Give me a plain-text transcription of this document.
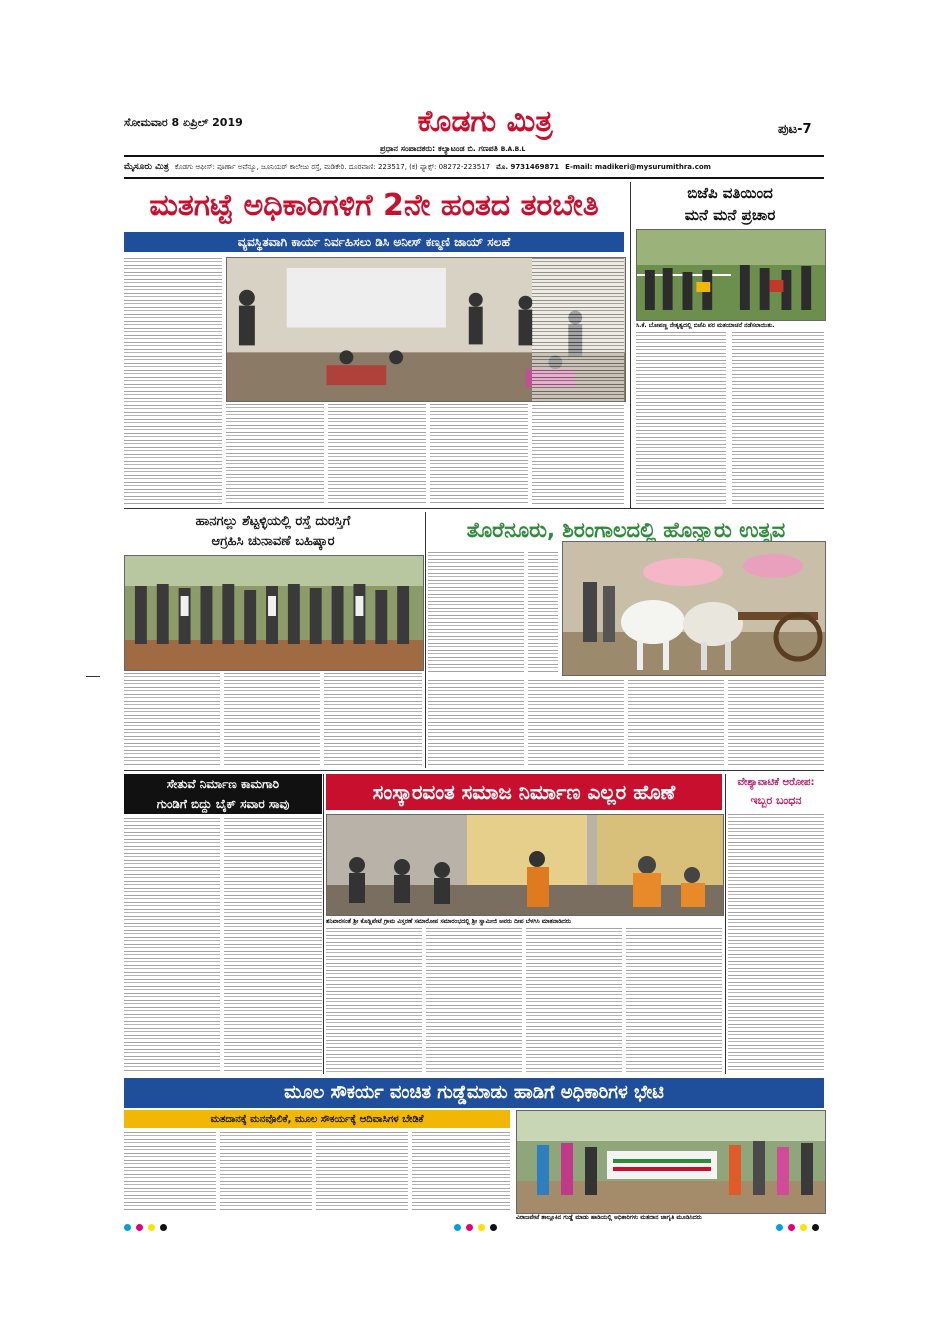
ಸೋಮವಾರ 8 ಏಪ್ರಿಲ್ 2019	ಕೊಡಗು ಮಿತ್ರ
ಪ್ರಧಾನ ಸಂಪಾದಕರು: ಕಲ್ಯಾಟಂಡ ಬಿ. ಗಣಪತಿ B.A.B.L
ಪುಟ-7
ಮೈಸೂರು ಮಿತ್ರ ಕೊಡಗು ಆಫೀಸ್: ಪೂರ್ಣಾ ಅವೆನ್ಯೂ, ಜೂನಿಯರ್ ಕಾಲೇಜು ರಸ್ತೆ, ಮಡಿಕೇರಿ. ದೂರವಾಣಿ: 223517, (ಕ) ಫ್ಯಾಕ್ಸ್: 08272-223517 ಮೊ. 9731469871 E-mail: madikeri@mysurumithra.com
ಮತಗಟ್ಟೆ ಅಧಿಕಾರಿಗಳಿಗೆ 2ನೇ ಹಂತದ ತರಬೇತಿ
ವ್ಯವಸ್ಥಿತವಾಗಿ ಕಾರ್ಯ ನಿರ್ವಹಿಸಲು ಡಿಸಿ ಅನೀಸ್ ಕಣ್ಮಣಿ ಜಾಯ್ ಸಲಹೆ
ಬಿಜೆಪಿ ವತಿಯಿಂದ
ಮನೆ ಮನೆ ಪ್ರಚಾರ
ಸಿ.ಕೆ. ಬೋಪಣ್ಣ ನೇತೃತ್ವದಲ್ಲಿ ಬಿಜೆಪಿ ಪರ ಮತಯಾಚನೆ ನಡೆಸಲಾಯಿತು.
ಹಾನಗಲ್ಲು ಶೆಟ್ಟಳ್ಳಿಯಲ್ಲಿ ರಸ್ತೆ ದುರಸ್ತಿಗೆ
ಆಗ್ರಹಿಸಿ ಚುನಾವಣೆ ಬಹಿಷ್ಕಾರ	ತೊರೆನೂರು, ಶಿರಂಗಾಲದಲ್ಲಿ ಹೊನ್ನಾರು ಉತ್ಸವ
ಸೇತುವೆ ನಿರ್ಮಾಣ ಕಾಮಗಾರಿ
ಗುಂಡಿಗೆ ಬಿದ್ದು ಬೈಕ್ ಸವಾರ ಸಾವು	ಸಂಸ್ಕಾರವಂತ ಸಮಾಜ ನಿರ್ಮಾಣ ಎಲ್ಲರ ಹೊಣೆ
ಶನಿವಾರಸಂತೆ ಶ್ರೀ ಕೊಡ್ಲಿಪೇಟೆ ಗ್ರಾಮ ವಿಸ್ತರಣೆ ಸಮಾರೋಪ ಸಮಾರಂಭದಲ್ಲಿ ಶ್ರೀ ಸ್ವಾಮೀಜಿ ಅವರು ದೀಪ ಬೆಳಗಿಸಿ ಮಾತನಾಡಿದರು
ವೇಶ್ಯಾವಾಟಿಕೆ ಆರೋಪ:
ಇಬ್ಬರ ಬಂಧನ
ಮೂಲ ಸೌಕರ್ಯ ವಂಚಿತ ಗುಡ್ಡೆಮಾಡು ಹಾಡಿಗೆ ಅಧಿಕಾರಿಗಳ ಭೇಟಿ
ಮತದಾನಕ್ಕೆ ಮನವೊಲಿಕೆ, ಮೂಲ ಸೌಕರ್ಯಕ್ಕೆ ಆದಿವಾಸಿಗಳ ಬೇಡಿಕೆ
ವಿರಾಜಪೇಟೆ ತಾಲ್ಲೂಕಿನ ಗುಡ್ಡೆ ಮಾಡು ಹಾಡಿಯಲ್ಲಿ ಅಧಿಕಾರಿಗಳು ಮತದಾನ ಜಾಗೃತಿ ಮೂಡಿಸಿದರು
